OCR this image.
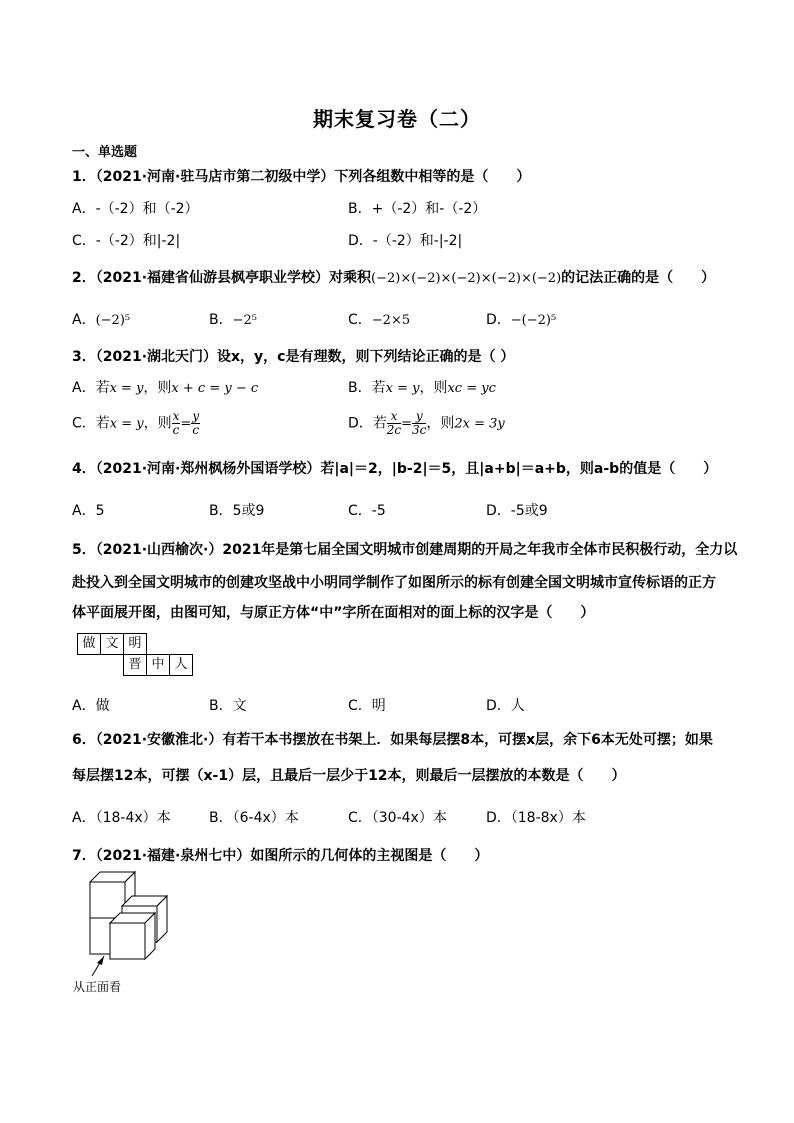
期末复习卷（二）
一、单选题
1．（2021·河南·驻马店市第二初级中学）下列各组数中相等的是（　　）
A．-（-2）和（-2）	B．+（-2）和-（-2）
C．-（-2）和|-2|	D．-（-2）和-|-2|
2．（2021·福建省仙游县枫亭职业学校）对乘积(−2)×(−2)×(−2)×(−2)×(−2)的记法正确的是（　　）
A．(−2)⁵	B．−2⁵	C．−2×5	D．−(−2)⁵
3．（2021·湖北天门）设x，y，c是有理数，则下列结论正确的是（ ）
A．若x = y，则x + c = y − c	B．若x = y，则xc = yc
C．若x = y，则 $\frac{x}{c} = \frac{y}{c}$	D．若 $\frac{x}{2c} = \frac{y}{3c}$ ，则2x = 3y
4．（2021·河南·郑州枫杨外国语学校）若|a|＝2，|b-2|＝5，且|a+b|＝a+b，则a-b的值是（　　）
A．5	B．5或9	C．-5	D．-5或9
5．（2021·山西榆次·）2021年是第七届全国文明城市创建周期的开局之年我市全体市民积极行动，全力以
赴投入到全国文明城市的创建攻坚战中小明同学制作了如图所示的标有创建全国文明城市宣传标语的正方
体平面展开图，由图可知，与原正方体“中”字所在面相对的面上标的汉字是（　　）
做 文 明
晋 中 人
A．做	B．文	C．明	D．人
6．（2021·安徽淮北·）有若干本书摆放在书架上．如果每层摆8本，可摆x层，余下6本无处可摆；如果
每层摆12本，可摆（x-1）层，且最后一层少于12本，则最后一层摆放的本数是（　　）
A．（18-4x）本	B．（6-4x）本	C．（30-4x）本	D．（18-8x）本
7．（2021·福建·泉州七中）如图所示的几何体的主视图是（　　）
从正面看
